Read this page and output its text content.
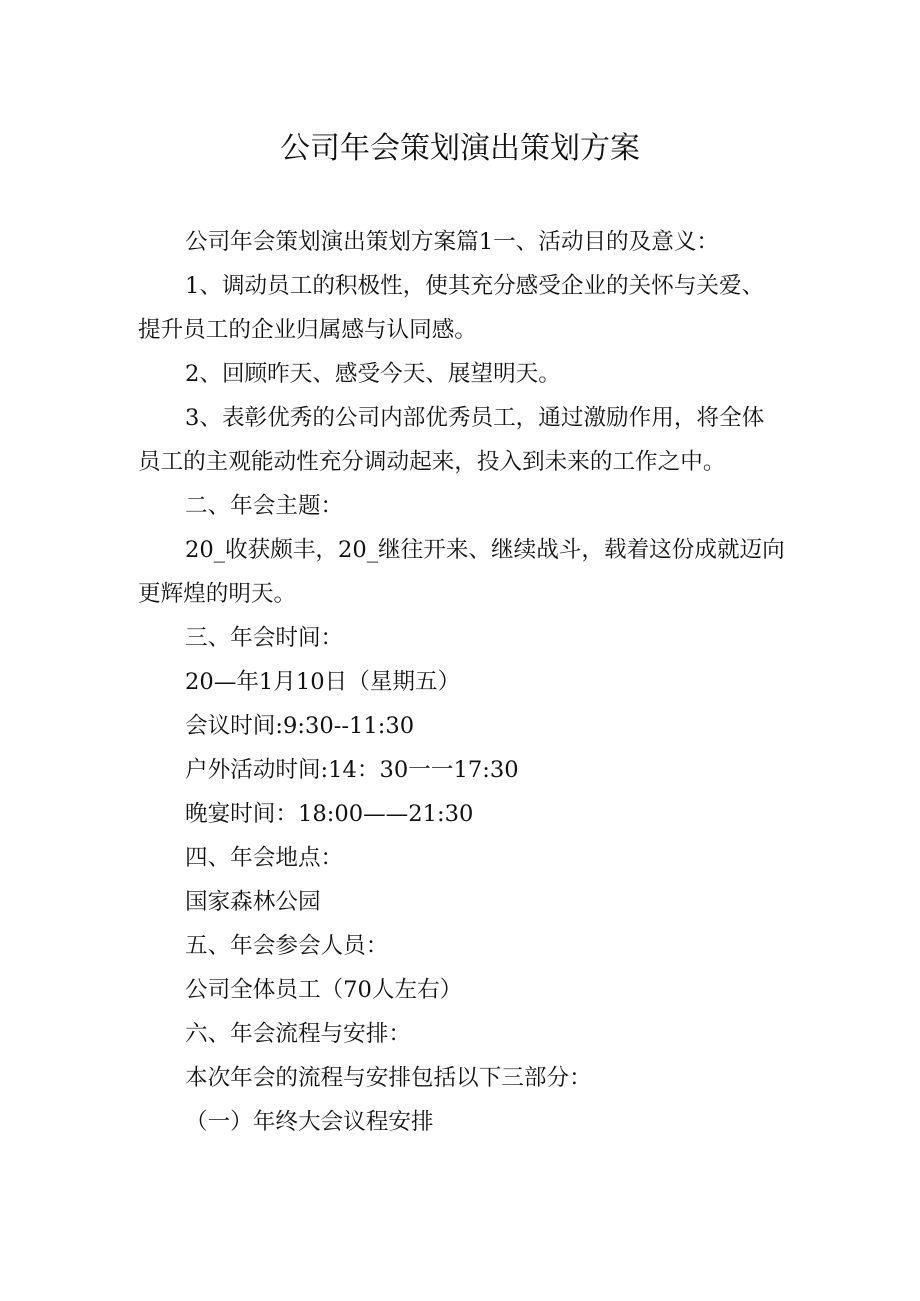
公司年会策划演出策划方案

公司年会策划演出策划方案篇1一、活动目的及意义：

1、调动员工的积极性，使其充分感受企业的关怀与关爱、提升员工的企业归属感与认同感。

2、回顾昨天、感受今天、展望明天。

3、表彰优秀的公司内部优秀员工，通过激励作用，将全体员工的主观能动性充分调动起来，投入到未来的工作之中。

二、年会主题：

20_收获颇丰，20_继往开来、继续战斗，载着这份成就迈向更辉煌的明天。

三、年会时间：

20—年1月10日（星期五）

会议时间:9:30--11:30

户外活动时间:14：30一一17:30

晚宴时间：18:00——21:30

四、年会地点：

国家森林公园

五、年会参会人员：

公司全体员工（70人左右）

六、年会流程与安排：

本次年会的流程与安排包括以下三部分：

（一）年终大会议程安排
